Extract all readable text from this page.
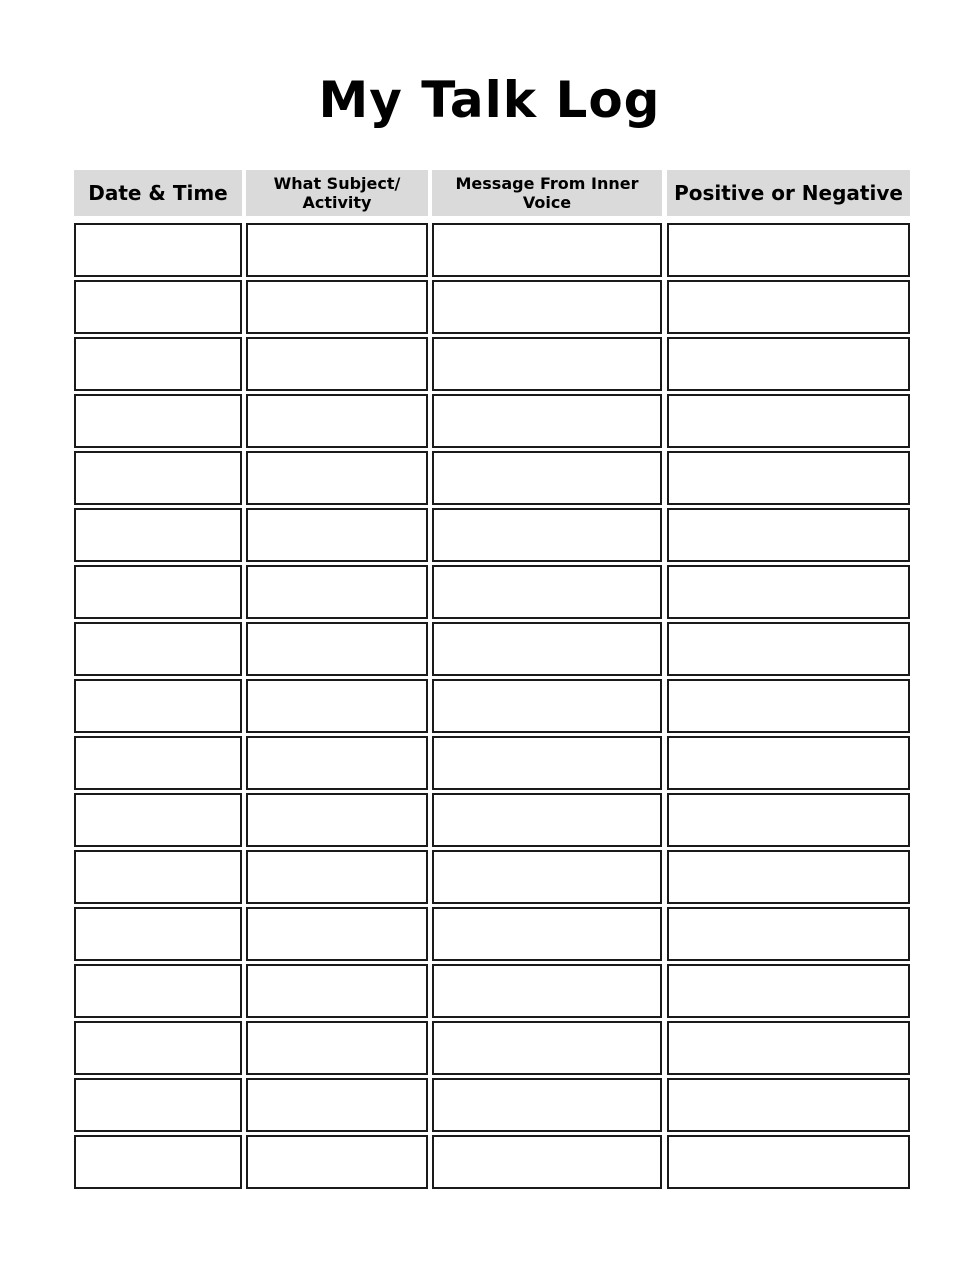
My Talk Log
Date & Time	What Subject/
Activity
Message From Inner
Voice	Positive or Negative
